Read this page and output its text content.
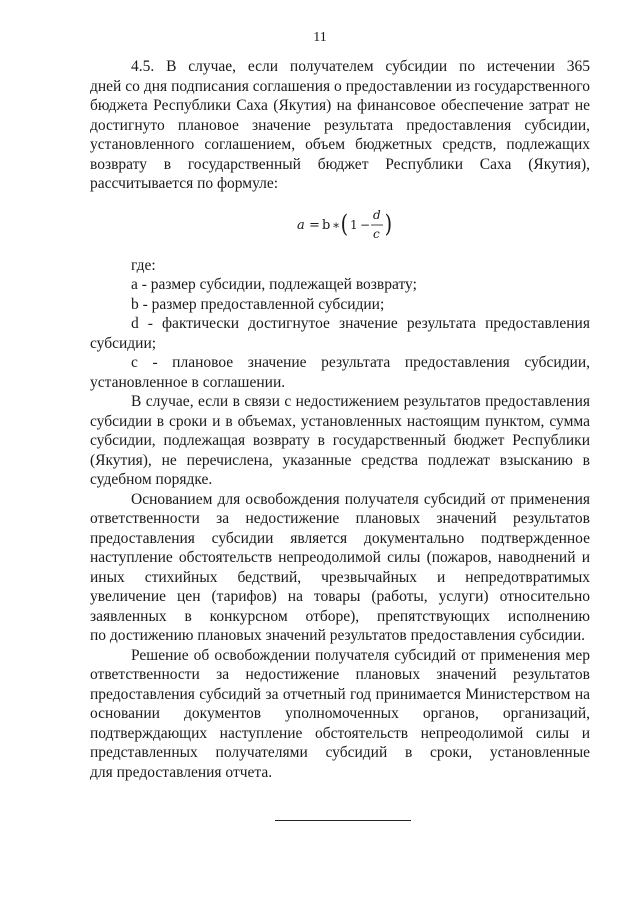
11
4.5. В случае, если получателем субсидии по истечении 365
дней со дня подписания соглашения о предоставлении из государственного
бюджета Республики Саха (Якутия) на финансовое обеспечение затрат не
достигнуто плановое значение результата предоставления субсидии,
установленного соглашением, объем бюджетных средств, подлежащих
возврату в государственный бюджет Республики Саха (Якутия),
рассчитывается по формуле:
a = b ∗ ( 1 −
d
c )
где:
a - размер субсидии, подлежащей возврату;
b - размер предоставленной субсидии;
d - фактически достигнутое значение результата предоставления
субсидии;
с - плановое значение результата предоставления субсидии,
установленное в соглашении.
В случае, если в связи с недостижением результатов предоставления
субсидии в сроки и в объемах, установленных настоящим пунктом, сумма
субсидии, подлежащая возврату в государственный бюджет Республики
(Якутия), не перечислена, указанные средства подлежат взысканию в
судебном порядке.
Основанием для освобождения получателя субсидий от применения
ответственности за недостижение плановых значений результатов
предоставления субсидии является документально подтвержденное
наступление обстоятельств непреодолимой силы (пожаров, наводнений и
иных стихийных бедствий, чрезвычайных и непредотвратимых
увеличение цен (тарифов) на товары (работы, услуги) относительно
заявленных в конкурсном отборе), препятствующих исполнению
по достижению плановых значений результатов предоставления субсидии.
Решение об освобождении получателя субсидий от применения мер
ответственности за недостижение плановых значений результатов
предоставления субсидий за отчетный год принимается Министерством на
основании документов уполномоченных органов, организаций,
подтверждающих наступление обстоятельств непреодолимой силы и
представленных получателями субсидий в сроки, установленные
для предоставления отчета.
